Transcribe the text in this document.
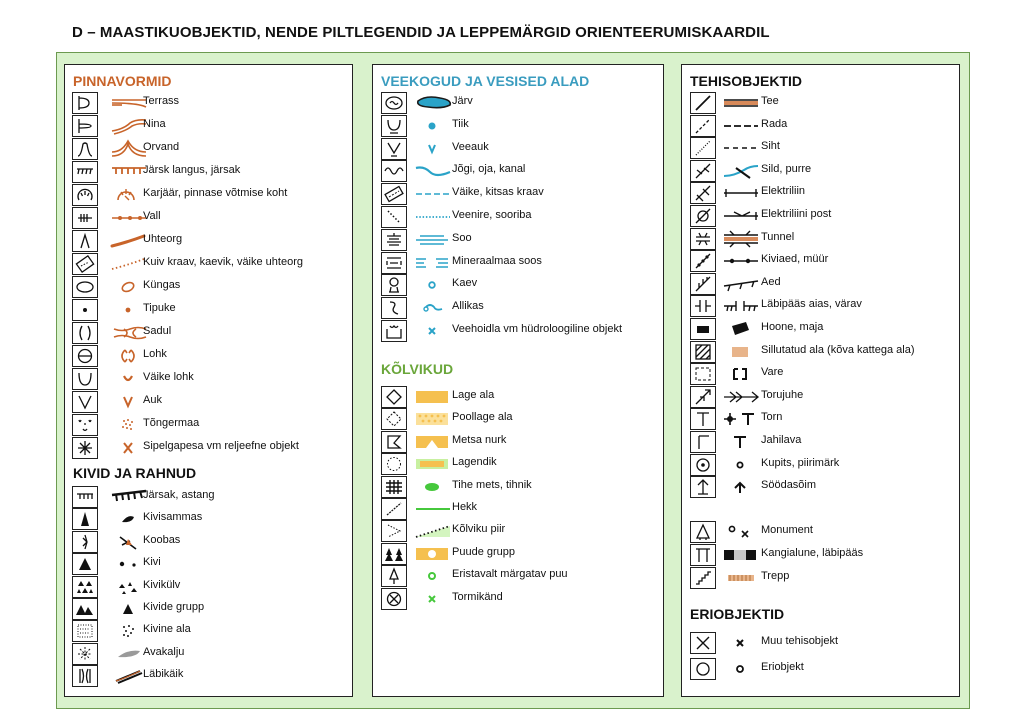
D – MAASTIKUOBJEKTID, NENDE PILTLEGENDID JA LEPPEMÄRGID ORIENTEERUMISKAARDIL
PINNAVORMID
KIVID JA RAHNUD
VEEKOGUD JA VESISED ALAD
KÕLVIKUD
TEHISOBJEKTID
ERIOBJEKTID
Terrass
Nina
Orvand
Järsk langus, järsak
Karjäär, pinnase võtmise koht
Vall
Uhteorg
Kuiv kraav, kaevik, väike uhteorg
Küngas
Tipuke
Sadul
Lohk
Väike lohk
Auk
Tõngermaa
Sipelgapesa vm reljeefne objekt
Järsak, astang
Kivisammas
Koobas
Kivi
Kivikülv
Kivide grupp
Kivine ala
Avakalju
Läbikäik
Järv
Tiik
Veeauk
Jõgi, oja, kanal
Väike, kitsas kraav
Veenire, sooriba
Soo
Mineraalmaa soos
Kaev
Allikas
Veehoidla vm hüdroloogiline objekt
Lage ala
Poollage ala
Metsa nurk
Lagendik
Tihe mets, tihnik
Hekk
Kõlviku piir
Puude grupp
Eristavalt märgatav puu
Tormikänd
Tee
Rada
Siht
Sild, purre
Elektriliin
Elektriliini post
Tunnel
Kiviaed, müür
Aed
Läbipääs aias, värav
Hoone, maja
Sillutatud ala (kõva kattega ala)
Vare
Torujuhe
Torn
Jahilava
Kupits, piirimärk
Söödasõim
Monument
Kangialune, läbipääs
Trepp
Muu tehisobjekt
Eriobjekt
